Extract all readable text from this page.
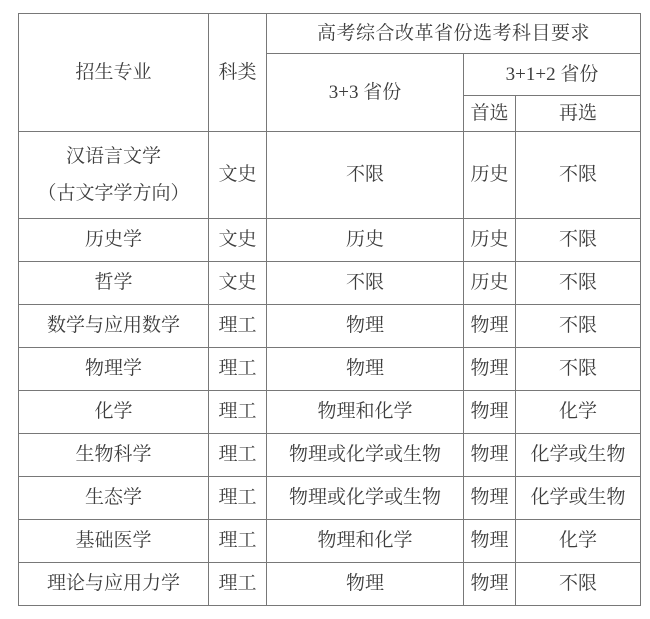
招生专业	科类	高考综合改革省份选考科目要求		
		3+3 省份	3+1+2 省份	
			首选	再选

汉语言文学
（古文字学方向）	文史	不限	历史	不限
历史学	文史	历史	历史	不限
哲学	文史	不限	历史	不限
数学与应用数学	理工	物理	物理	不限
物理学	理工	物理	物理	不限
化学	理工	物理和化学	物理	化学
生物科学	理工	物理或化学或生物	物理	化学或生物
生态学	理工	物理或化学或生物	物理	化学或生物
基础医学	理工	物理和化学	物理	化学
理论与应用力学	理工	物理	物理	不限
